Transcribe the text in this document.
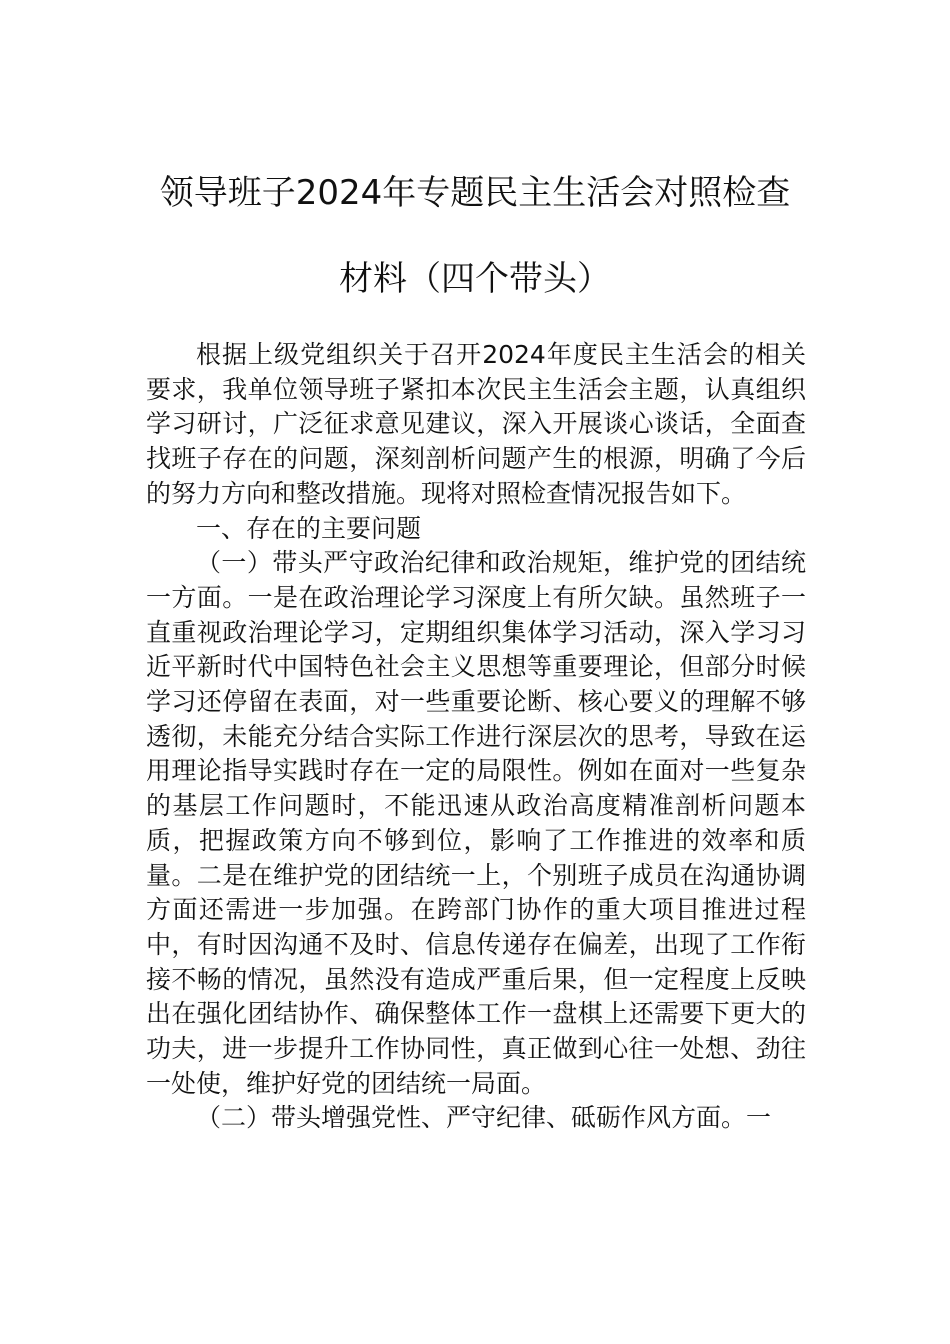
领导班子2024年专题民主生活会对照检查
材料（四个带头）

根据上级党组织关于召开2024年度民主生活会的相关要求，我单位领导班子紧扣本次民主生活会主题，认真组织学习研讨，广泛征求意见建议，深入开展谈心谈话，全面查找班子存在的问题，深刻剖析问题产生的根源，明确了今后的努力方向和整改措施。现将对照检查情况报告如下。

一、存在的主要问题

（一）带头严守政治纪律和政治规矩，维护党的团结统一方面。一是在政治理论学习深度上有所欠缺。虽然班子一直重视政治理论学习，定期组织集体学习活动，深入学习习近平新时代中国特色社会主义思想等重要理论，但部分时候学习还停留在表面，对一些重要论断、核心要义的理解不够透彻，未能充分结合实际工作进行深层次的思考，导致在运用理论指导实践时存在一定的局限性。例如在面对一些复杂的基层工作问题时，不能迅速从政治高度精准剖析问题本质，把握政策方向不够到位，影响了工作推进的效率和质量。二是在维护党的团结统一上，个别班子成员在沟通协调方面还需进一步加强。在跨部门协作的重大项目推进过程中，有时因沟通不及时、信息传递存在偏差，出现了工作衔接不畅的情况，虽然没有造成严重后果，但一定程度上反映出在强化团结协作、确保整体工作一盘棋上还需要下更大的功夫，进一步提升工作协同性，真正做到心往一处想、劲往一处使，维护好党的团结统一局面。

（二）带头增强党性、严守纪律、砥砺作风方面。一
